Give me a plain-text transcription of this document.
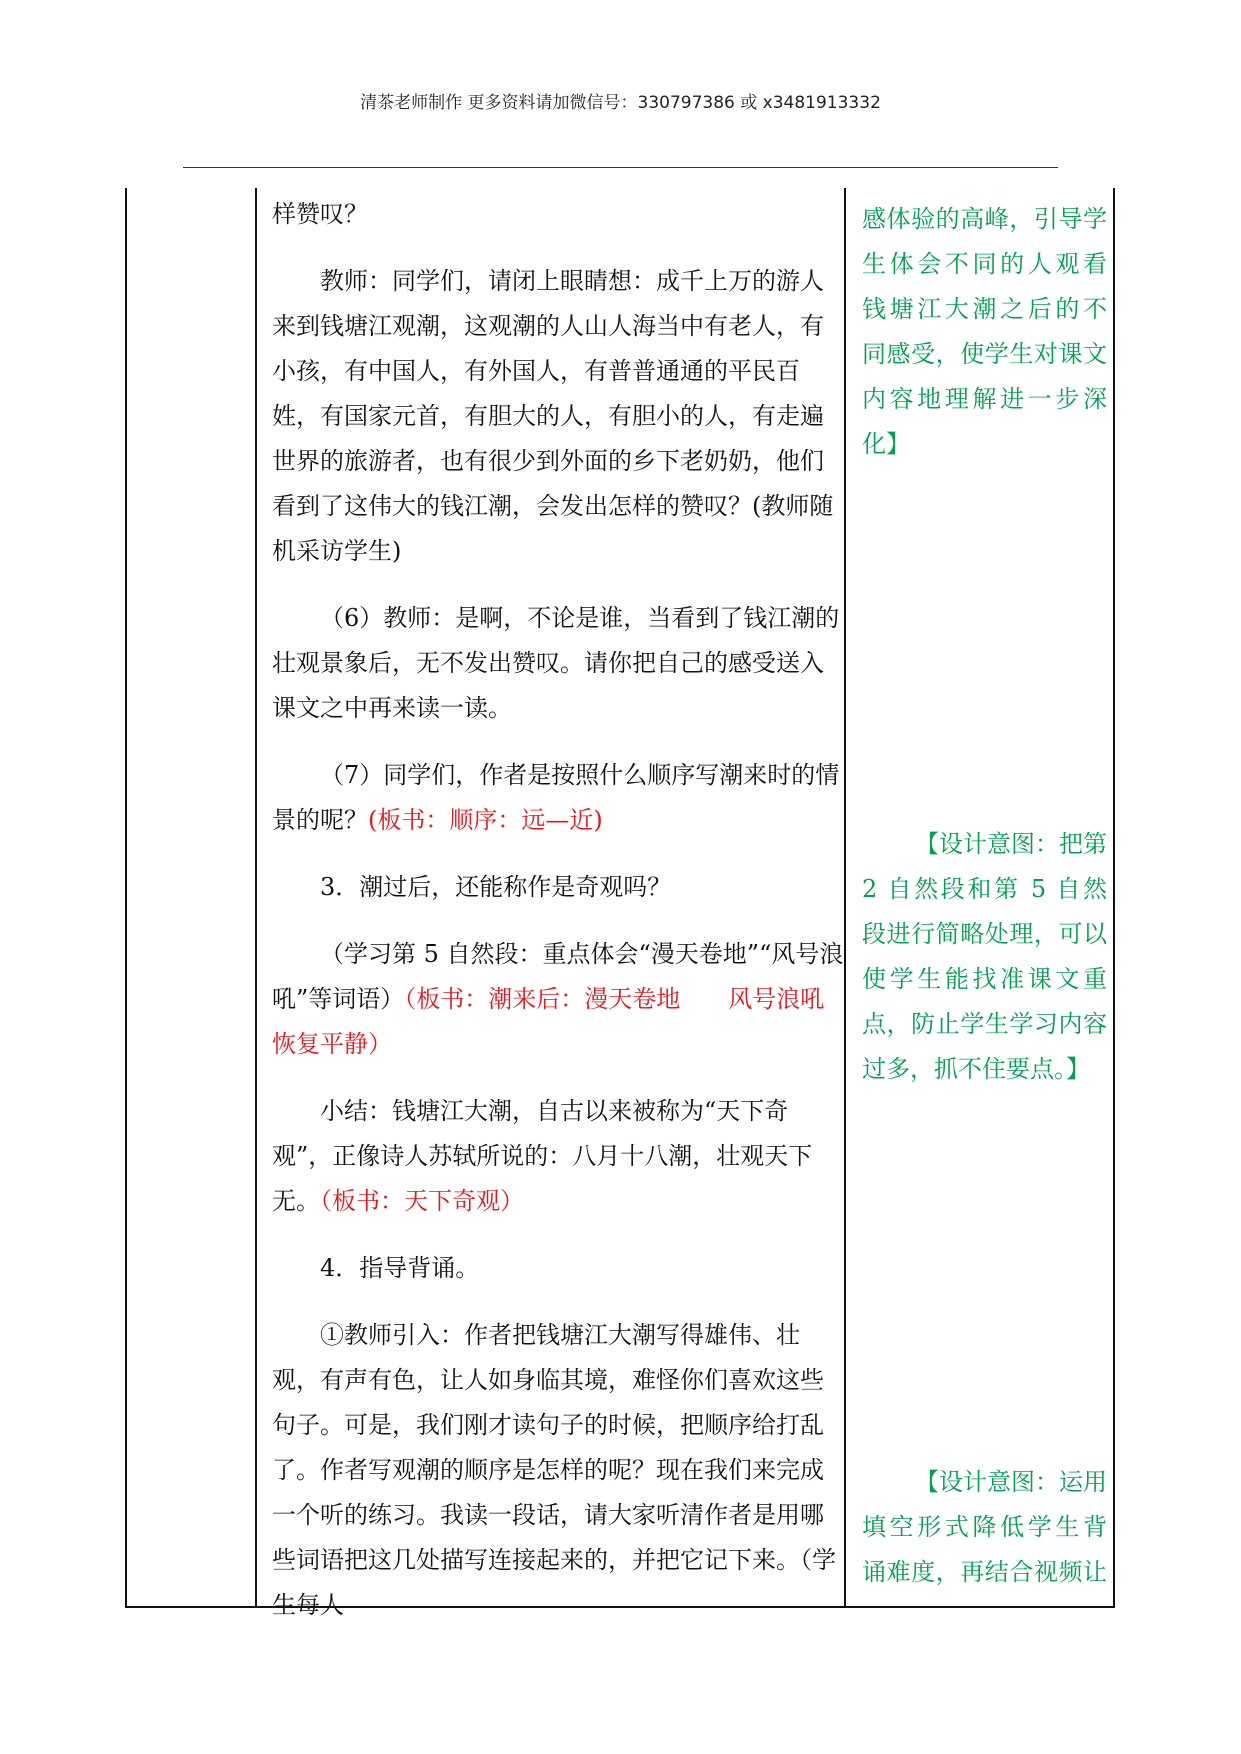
清茶老师制作 更多资料请加微信号：330797386 或 x3481913332

样赞叹？

教师：同学们，请闭上眼睛想：成千上万的游人来到钱塘江观潮，这观潮的人山人海当中有老人，有小孩，有中国人，有外国人，有普普通通的平民百姓，有国家元首，有胆大的人，有胆小的人，有走遍世界的旅游者，也有很少到外面的乡下老奶奶，他们看到了这伟大的钱江潮，会发出怎样的赞叹？(教师随机采访学生)

（6）教师：是啊，不论是谁，当看到了钱江潮的壮观景象后，无不发出赞叹。请你把自己的感受送入课文之中再来读一读。

（7）同学们，作者是按照什么顺序写潮来时的情景的呢？(板书：顺序：远—近)

3．潮过后，还能称作是奇观吗？

（学习第 5 自然段：重点体会“漫天卷地”“风号浪吼”等词语）（板书：潮来后：漫天卷地　　风号浪吼　恢复平静）

小结：钱塘江大潮，自古以来被称为“天下奇观”，正像诗人苏轼所说的：八月十八潮，壮观天下无。（板书：天下奇观）

4．指导背诵。

①教师引入：作者把钱塘江大潮写得雄伟、壮观，有声有色，让人如身临其境，难怪你们喜欢这些句子。可是，我们刚才读句子的时候，把顺序给打乱了。作者写观潮的顺序是怎样的呢？现在我们来完成一个听的练习。我读一段话，请大家听清作者是用哪些词语把这几处描写连接起来的，并把它记下来。（学生每人

感体验的高峰，引导学

生体会不同的人观看

钱塘江大潮之后的不

同感受，使学生对课文

内容地理解进一步深

化】

【设计意图：把第

2 自然段和第 5 自然

段进行简略处理，可以

使学生能找准课文重

点，防止学生学习内容

过多，抓不住要点。】

【设计意图：运用

填空形式降低学生背

诵难度，再结合视频让
